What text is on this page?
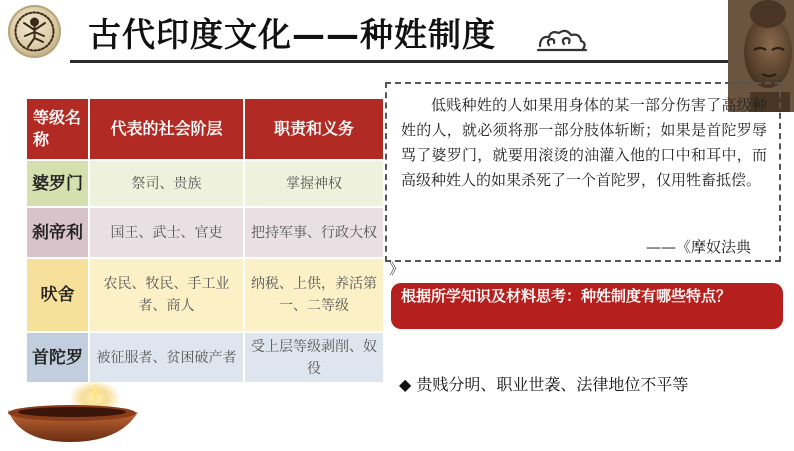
古代印度文化——种姓制度
等级名称	代表的社会阶层	职责和义务
婆罗门	祭司、贵族	掌握神权
刹帝利	国王、武士、官吏	把持军事、行政大权
吠舍	农民、牧民、手工业者、商人	纳税、上供，养活第一、二等级
首陀罗	被征服者、贫困破产者	受上层等级剥削、奴役
低贱种姓的人如果用身体的某一部分伤害了高级种姓的人，就必须将那一部分肢体斩断；如果是首陀罗辱骂了婆罗门，就要用滚烫的油灌入他的口中和耳中，而高级种姓人的如果杀死了一个首陀罗，仅用牲畜抵偿。
——《摩奴法典
》
根据所学知识及材料思考：种姓制度有哪些特点？
◆ 贵贱分明、职业世袭、法律地位不平等
